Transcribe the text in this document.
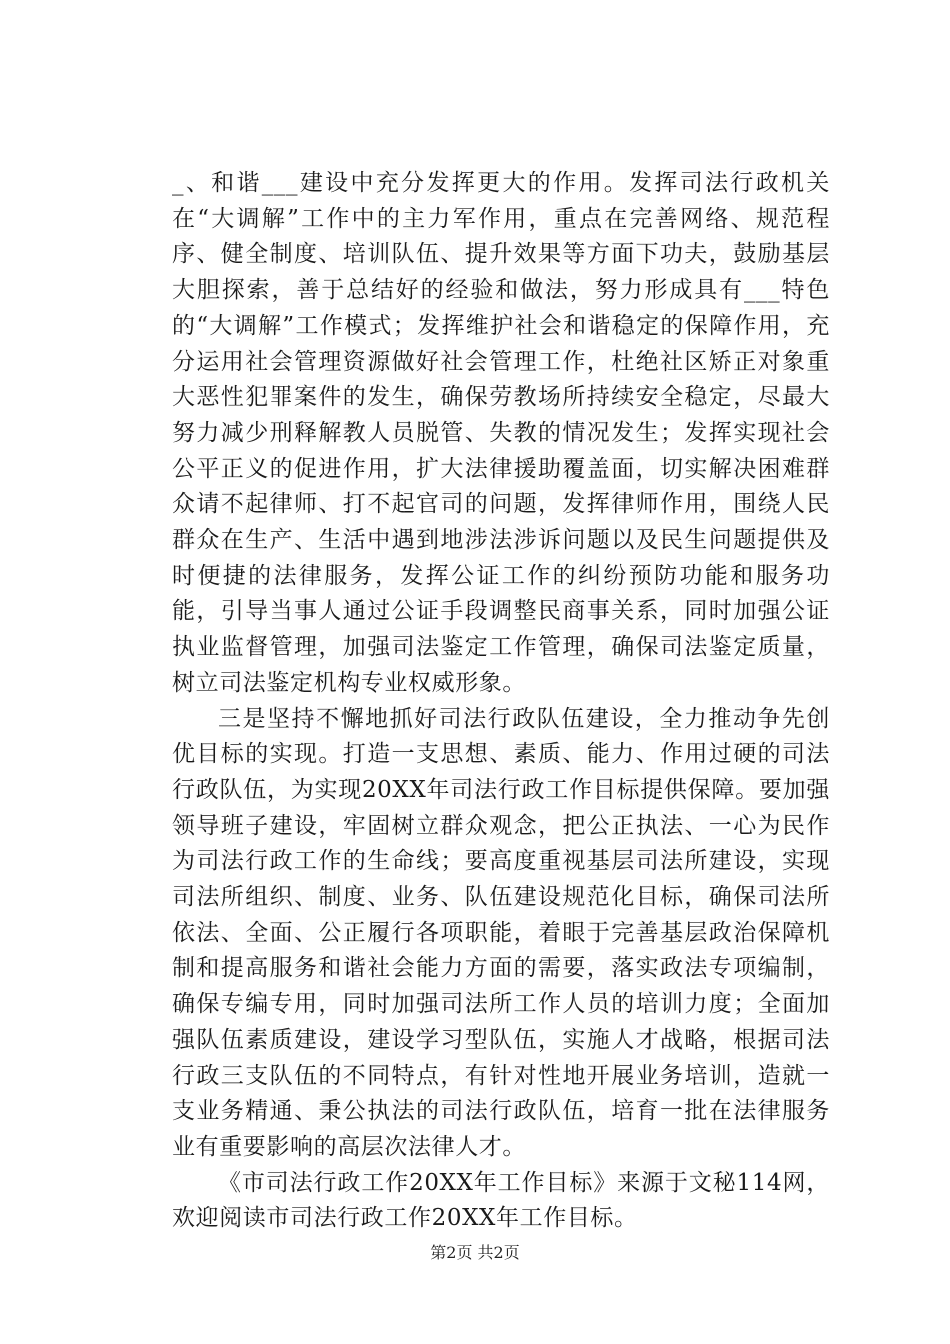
_、和谐___建设中充分发挥更大的作用。发挥司法行政机关在“大调解”工作中的主力军作用，重点在完善网络、规范程序、健全制度、培训队伍、提升效果等方面下功夫，鼓励基层大胆探索，善于总结好的经验和做法，努力形成具有___特色的“大调解”工作模式；发挥维护社会和谐稳定的保障作用，充分运用社会管理资源做好社会管理工作，杜绝社区矫正对象重大恶性犯罪案件的发生，确保劳教场所持续安全稳定，尽最大努力减少刑释解教人员脱管、失教的情况发生；发挥实现社会公平正义的促进作用，扩大法律援助覆盖面，切实解决困难群众请不起律师、打不起官司的问题，发挥律师作用，围绕人民群众在生产、生活中遇到地涉法涉诉问题以及民生问题提供及时便捷的法律服务，发挥公证工作的纠纷预防功能和服务功能，引导当事人通过公证手段调整民商事关系，同时加强公证执业监督管理，加强司法鉴定工作管理，确保司法鉴定质量，树立司法鉴定机构专业权威形象。

三是坚持不懈地抓好司法行政队伍建设，全力推动争先创优目标的实现。打造一支思想、素质、能力、作用过硬的司法行政队伍，为实现20XX年司法行政工作目标提供保障。要加强领导班子建设，牢固树立群众观念，把公正执法、一心为民作为司法行政工作的生命线；要高度重视基层司法所建设，实现司法所组织、制度、业务、队伍建设规范化目标，确保司法所依法、全面、公正履行各项职能，着眼于完善基层政治保障机制和提高服务和谐社会能力方面的需要，落实政法专项编制，确保专编专用，同时加强司法所工作人员的培训力度；全面加强队伍素质建设，建设学习型队伍，实施人才战略，根据司法行政三支队伍的不同特点，有针对性地开展业务培训，造就一支业务精通、秉公执法的司法行政队伍，培育一批在法律服务业有重要影响的高层次法律人才。

《市司法行政工作20XX年工作目标》来源于文秘114网，欢迎阅读市司法行政工作20XX年工作目标。

第2页 共2页
